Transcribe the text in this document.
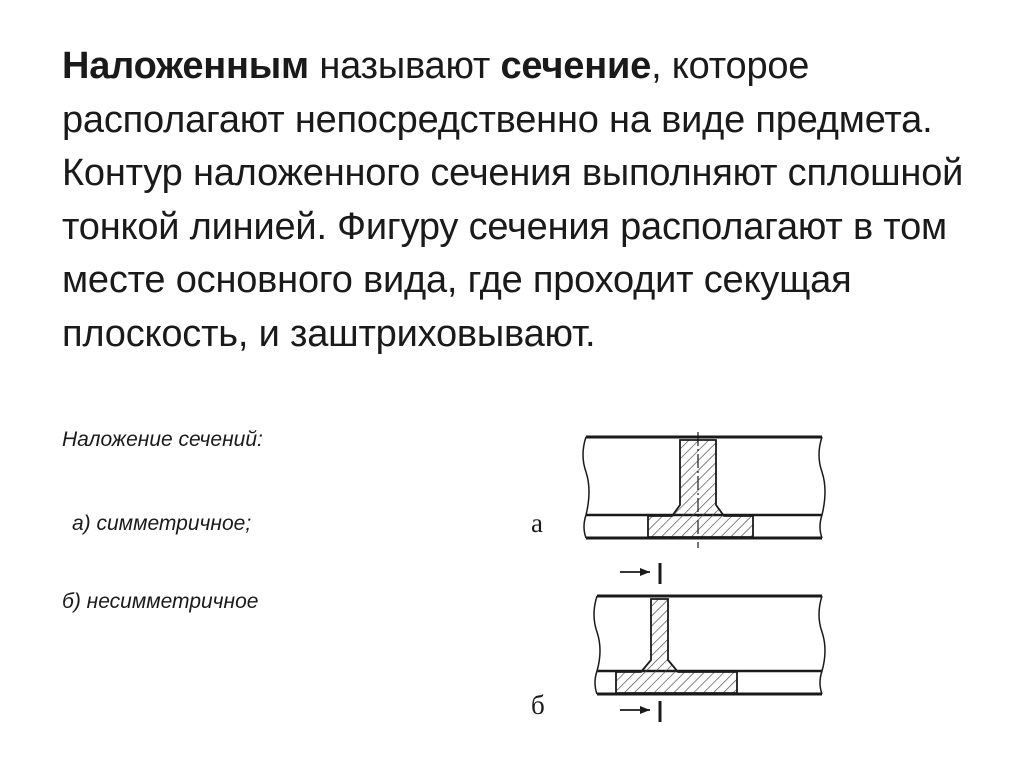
Наложенным называют сечение, которое располагают непосредственно на виде предмета. Контур наложенного сечения выполняют сплошной тонкой линией. Фигуру сечения располагают в том месте основного вида, где проходит секущая плоскость, и заштриховывают.
Наложение сечений:
а) симметричное;
б) несимметричное
а
б
